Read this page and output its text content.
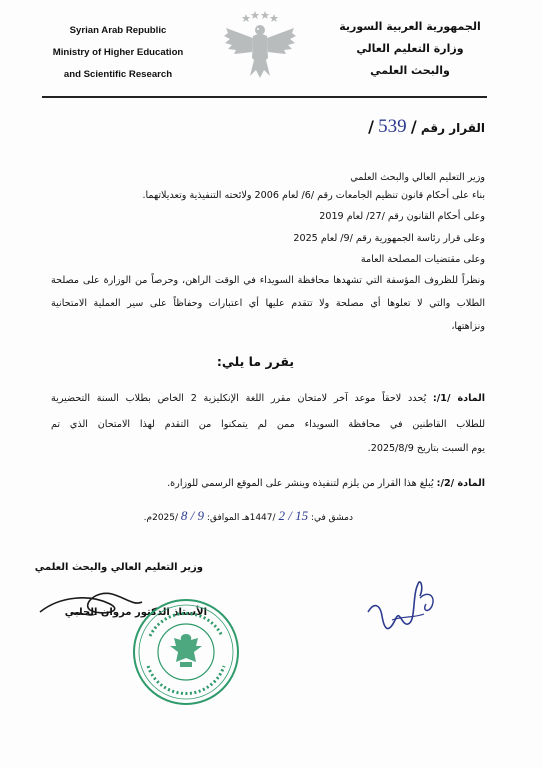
Syrian Arab Republic
Ministry of Higher Education
and Scientific Research
الجمهورية العربية السورية
وزارة التعليم العالي
والبحث العلمي
القرار رقم / 539 /
وزير التعليم العالي والبحث العلمي
بناء على أحكام قانون تنظيم الجامعات رقم /6/ لعام 2006 ولائحته التنفيذية وتعديلاتهما.
وعلى أحكام القانون رقم /27/ لعام 2019
وعلى قرار رئاسة الجمهورية رقم /9/ لعام 2025
وعلى مقتضيات المصلحة العامة
ونظراً للظروف المؤسفة التي تشهدها محافظة السويداء في الوقت الراهن، وحرصاً من الوزارة على مصلحة
الطلاب والتي لا تعلوها أي مصلحة ولا تتقدم عليها أي اعتبارات وحفاظاً على سير العملية الامتحانية
ونزاهتها،
يقرر ما يلي:
المادة /1/: يُحدد لاحقاً موعد آخر لامتحان مقرر اللغة الإنكليزية 2 الخاص بطلاب السنة التحضيرية
للطلاب القاطنين في محافظة السويداء ممن لم يتمكنوا من التقدم لهذا الامتحان الذي تم
يوم السبت بتاريخ 2025/8/9.
المادة /2/: يُبلغ هذا القرار من يلزم لتنفيذه وينشر على الموقع الرسمي للوزارة.
دمشق في: 15 / 2 /1447هـ الموافق: 9 / 8 /2025م.
وزير التعليم العالي والبحث العلمي
الأستاذ الدكتور مروان الحلبي
